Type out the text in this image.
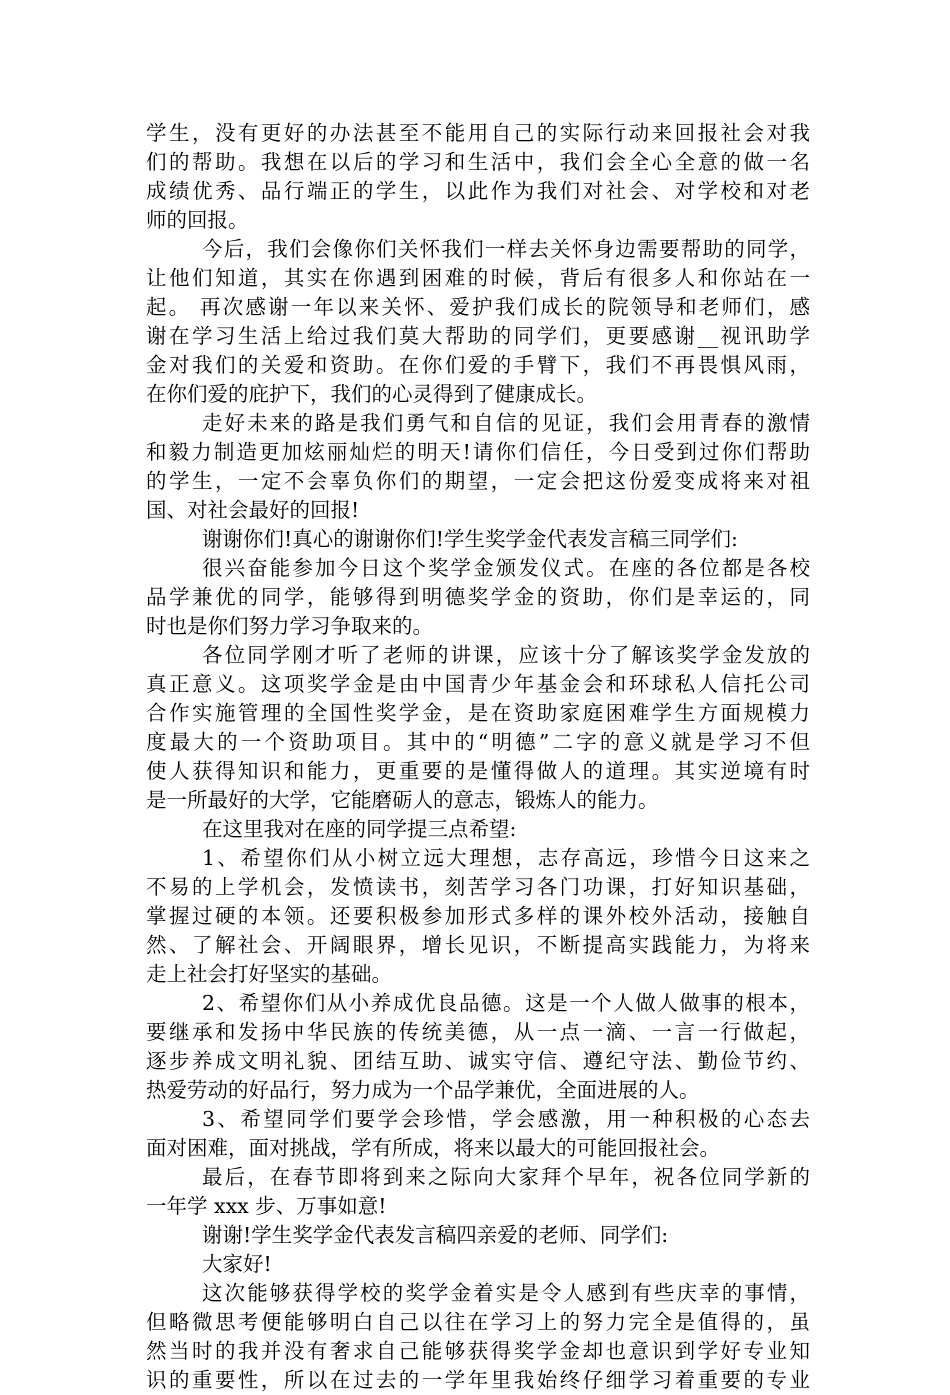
学生，没有更好的办法甚至不能用自己的实际行动来回报社会对我
们的帮助。我想在以后的学习和生活中，我们会全心全意的做一名
成绩优秀、品行端正的学生，以此作为我们对社会、对学校和对老
师的回报。
今后，我们会像你们关怀我们一样去关怀身边需要帮助的同学，
让他们知道，其实在你遇到困难的时候，背后有很多人和你站在一
起。 再次感谢一年以来关怀、爱护我们成长的院领导和老师们，感
谢在学习生活上给过我们莫大帮助的同学们，更要感谢__视讯助学
金对我们的关爱和资助。在你们爱的手臂下，我们不再畏惧风雨，
在你们爱的庇护下，我们的心灵得到了健康成长。
走好未来的路是我们勇气和自信的见证，我们会用青春的激情
和毅力制造更加炫丽灿烂的明天!请你们信任，今日受到过你们帮助
的学生，一定不会辜负你们的期望，一定会把这份爱变成将来对祖
国、对社会最好的回报!
谢谢你们!真心的谢谢你们!学生奖学金代表发言稿三同学们:
很兴奋能参加今日这个奖学金颁发仪式。在座的各位都是各校
品学兼优的同学，能够得到明德奖学金的资助，你们是幸运的，同
时也是你们努力学习争取来的。
各位同学刚才听了老师的讲课，应该十分了解该奖学金发放的
真正意义。这项奖学金是由中国青少年基金会和环球私人信托公司
合作实施管理的全国性奖学金，是在资助家庭困难学生方面规模力
度最大的一个资助项目。其中的“明德”二字的意义就是学习不但
使人获得知识和能力，更重要的是懂得做人的道理。其实逆境有时
是一所最好的大学，它能磨砺人的意志，锻炼人的能力。
在这里我对在座的同学提三点希望:
1、希望你们从小树立远大理想，志存高远，珍惜今日这来之
不易的上学机会，发愤读书，刻苦学习各门功课，打好知识基础，
掌握过硬的本领。还要积极参加形式多样的课外校外活动，接触自
然、了解社会、开阔眼界，增长见识，不断提高实践能力，为将来
走上社会打好坚实的基础。
2、希望你们从小养成优良品德。这是一个人做人做事的根本，
要继承和发扬中华民族的传统美德，从一点一滴、一言一行做起，
逐步养成文明礼貌、团结互助、诚实守信、遵纪守法、勤俭节约、
热爱劳动的好品行，努力成为一个品学兼优，全面进展的人。
3、希望同学们要学会珍惜，学会感激，用一种积极的心态去
面对困难，面对挑战，学有所成，将来以最大的可能回报社会。
最后，在春节即将到来之际向大家拜个早年，祝各位同学新的
一年学 xxx 步、万事如意!
谢谢!学生奖学金代表发言稿四亲爱的老师、同学们:
大家好!
这次能够获得学校的奖学金着实是令人感到有些庆幸的事情，
但略微思考便能够明白自己以往在学习上的努力完全是值得的，虽
然当时的我并没有奢求自己能够获得奖学金却也意识到学好专业知
识的重要性，所以在过去的一学年里我始终仔细学习着重要的专业
